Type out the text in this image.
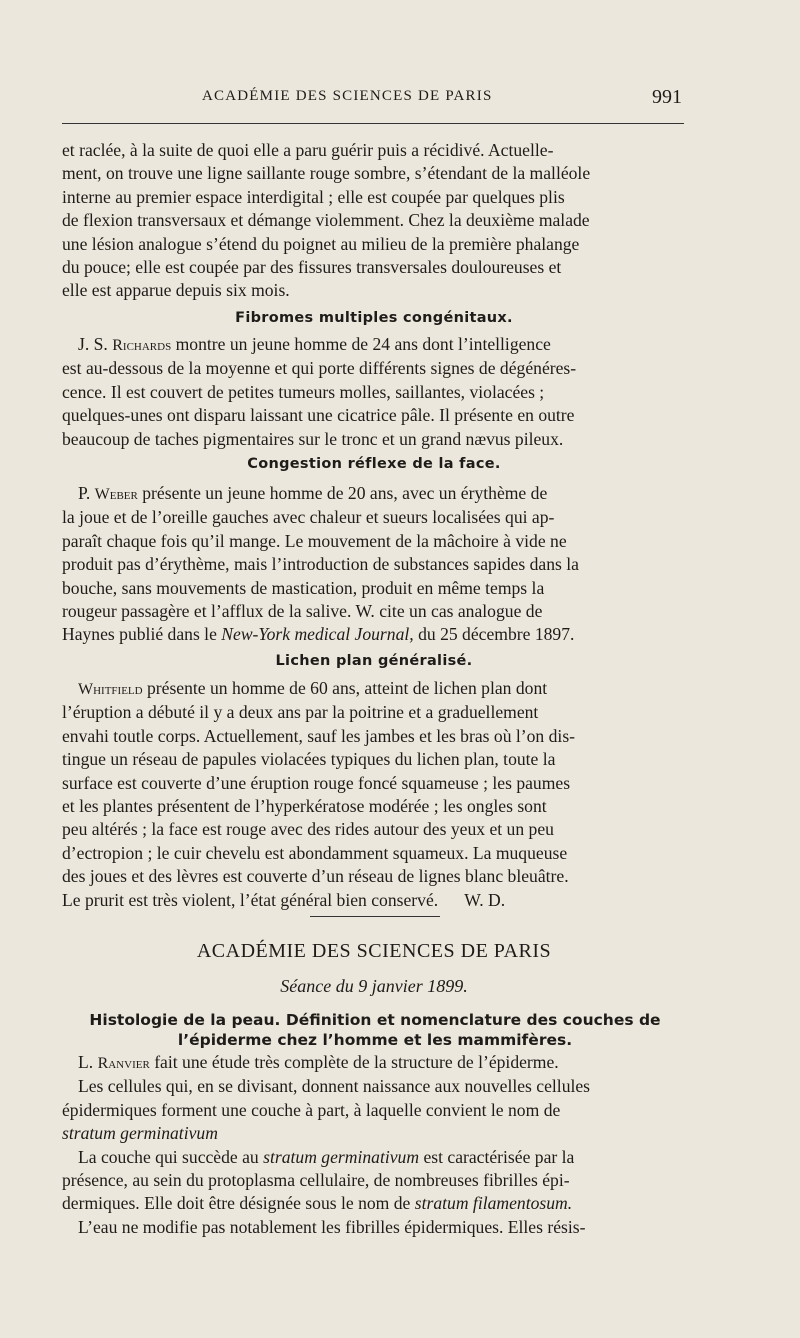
ACADÉMIE DES SCIENCES DE PARIS	991

et raclée, à la suite de quoi elle a paru guérir puis a récidivé. Actuelle-

ment, on trouve une ligne saillante rouge sombre, s’étendant de la malléole

interne au premier espace interdigital ; elle est coupée par quelques plis

de flexion transversaux et démange violemment. Chez la deuxième malade

une lésion analogue s’étend du poignet au milieu de la première phalange

du pouce; elle est coupée par des fissures transversales douloureuses et

elle est apparue depuis six mois.

Fibromes multiples congénitaux.

J. S. Richards montre un jeune homme de 24 ans dont l’intelligence

est au-dessous de la moyenne et qui porte différents signes de dégénéres-

cence. Il est couvert de petites tumeurs molles, saillantes, violacées ;

quelques-unes ont disparu laissant une cicatrice pâle. Il présente en outre

beaucoup de taches pigmentaires sur le tronc et un grand nævus pileux.

Congestion réflexe de la face.

P. Weber présente un jeune homme de 20 ans, avec un érythème de

la joue et de l’oreille gauches avec chaleur et sueurs localisées qui ap-

paraît chaque fois qu’il mange. Le mouvement de la mâchoire à vide ne

produit pas d’érythème, mais l’introduction de substances sapides dans la

bouche, sans mouvements de mastication, produit en même temps la

rougeur passagère et l’afflux de la salive. W. cite un cas analogue de

Haynes publié dans le New-York medical Journal, du 25 décembre 1897.

Lichen plan généralisé.

Whitfield présente un homme de 60 ans, atteint de lichen plan dont

l’éruption a débuté il y a deux ans par la poitrine et a graduellement

envahi toutle corps. Actuellement, sauf les jambes et les bras où l’on dis-

tingue un réseau de papules violacées typiques du lichen plan, toute la

surface est couverte d’une éruption rouge foncé squameuse ; les paumes

et les plantes présentent de l’hyperkératose modérée ; les ongles sont

peu altérés ; la face est rouge avec des rides autour des yeux et un peu

d’ectropion ; le cuir chevelu est abondamment squameux. La muqueuse

des joues et des lèvres est couverte d’un réseau de lignes blanc bleuâtre.

Le prurit est très violent, l’état général bien conservé.      W. D.

ACADÉMIE DES SCIENCES DE PARIS
Séance du 9 janvier 1899.
Histologie de la peau. Définition et nomenclature des couches de
l’épiderme chez l’homme et les mammifères.

L. Ranvier fait une étude très complète de la structure de l’épiderme.

Les cellules qui, en se divisant, donnent naissance aux nouvelles cellules

épidermiques forment une couche à part, à laquelle convient le nom de

stratum germinativum

La couche qui succède au stratum germinativum est caractérisée par la

présence, au sein du protoplasma cellulaire, de nombreuses fibrilles épi-

dermiques. Elle doit être désignée sous le nom de stratum filamentosum.

L’eau ne modifie pas notablement les fibrilles épidermiques. Elles résis-
